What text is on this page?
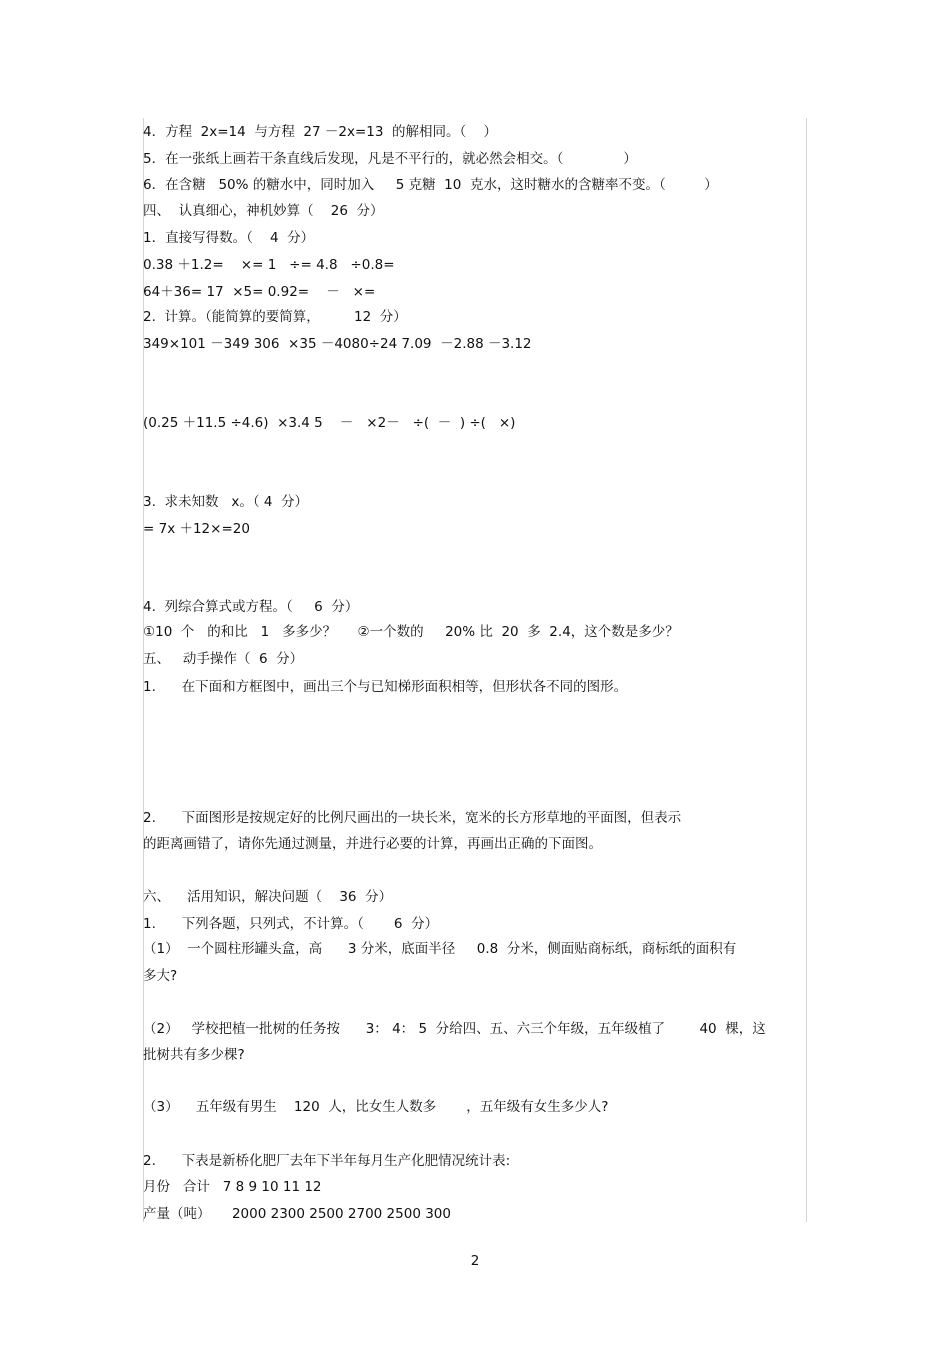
4．方程  2x=14  与方程  27 －2x=13  的解相同。（    ）
5．在一张纸上画若干条直线后发现，凡是不平行的，就必然会相交。（              ）
6．在含糖   50% 的糖水中，同时加入     5 克糖  10  克水，这时糖水的含糖率不变。（         ）
四、  认真细心，神机妙算（    26  分）
1．直接写得数。（    4  分）
0.38 ＋1.2=    ×= 1   ÷= 4.8   ÷0.8=
64＋36= 17  ×5= 0.92=    －   ×=
2.  计算。（能简算的要简算，        12  分）
349×101 －349 306  ×35 －4080÷24 7.09  －2.88 －3.12
(0.25 ＋11.5 ÷4.6)  ×3.4 5    －   ×2－   ÷(  －  ) ÷(   ×)
3.  求未知数   x。（ 4  分）
= 7x ＋12×=20
4.  列综合算式或方程。（     6  分）
①10  个   的和比   1   多多少？     ②一个数的     20% 比  20  多  2.4，这个数是多少？
五、   动手操作（  6  分）
1.      在下面和方框图中，画出三个与已知梯形面积相等，但形状各不同的图形。
2.      下面图形是按规定好的比例尺画出的一块长米，宽米的长方形草地的平面图，但表示
的距离画错了，请你先通过测量，并进行必要的计算，再画出正确的下面图。
六、    活用知识，解决问题（    36  分）
1.      下列各题，只列式，不计算。（       6  分）
（1）  一个圆柱形罐头盒，高      3 分米，底面半径     0.8  分米，侧面贴商标纸，商标纸的面积有
多大?
（2）   学校把植一批树的任务按      3： 4： 5  分给四、五、六三个年级，五年级植了        40  棵，这
批树共有多少棵?
（3）    五年级有男生    120  人，比女生人数多       ，五年级有女生多少人?
2.      下表是新桥化肥厂去年下半年每月生产化肥情况统计表:
月份   合计   7 8 9 10 11 12
产量（吨）     2000 2300 2500 2700 2500 300
2
